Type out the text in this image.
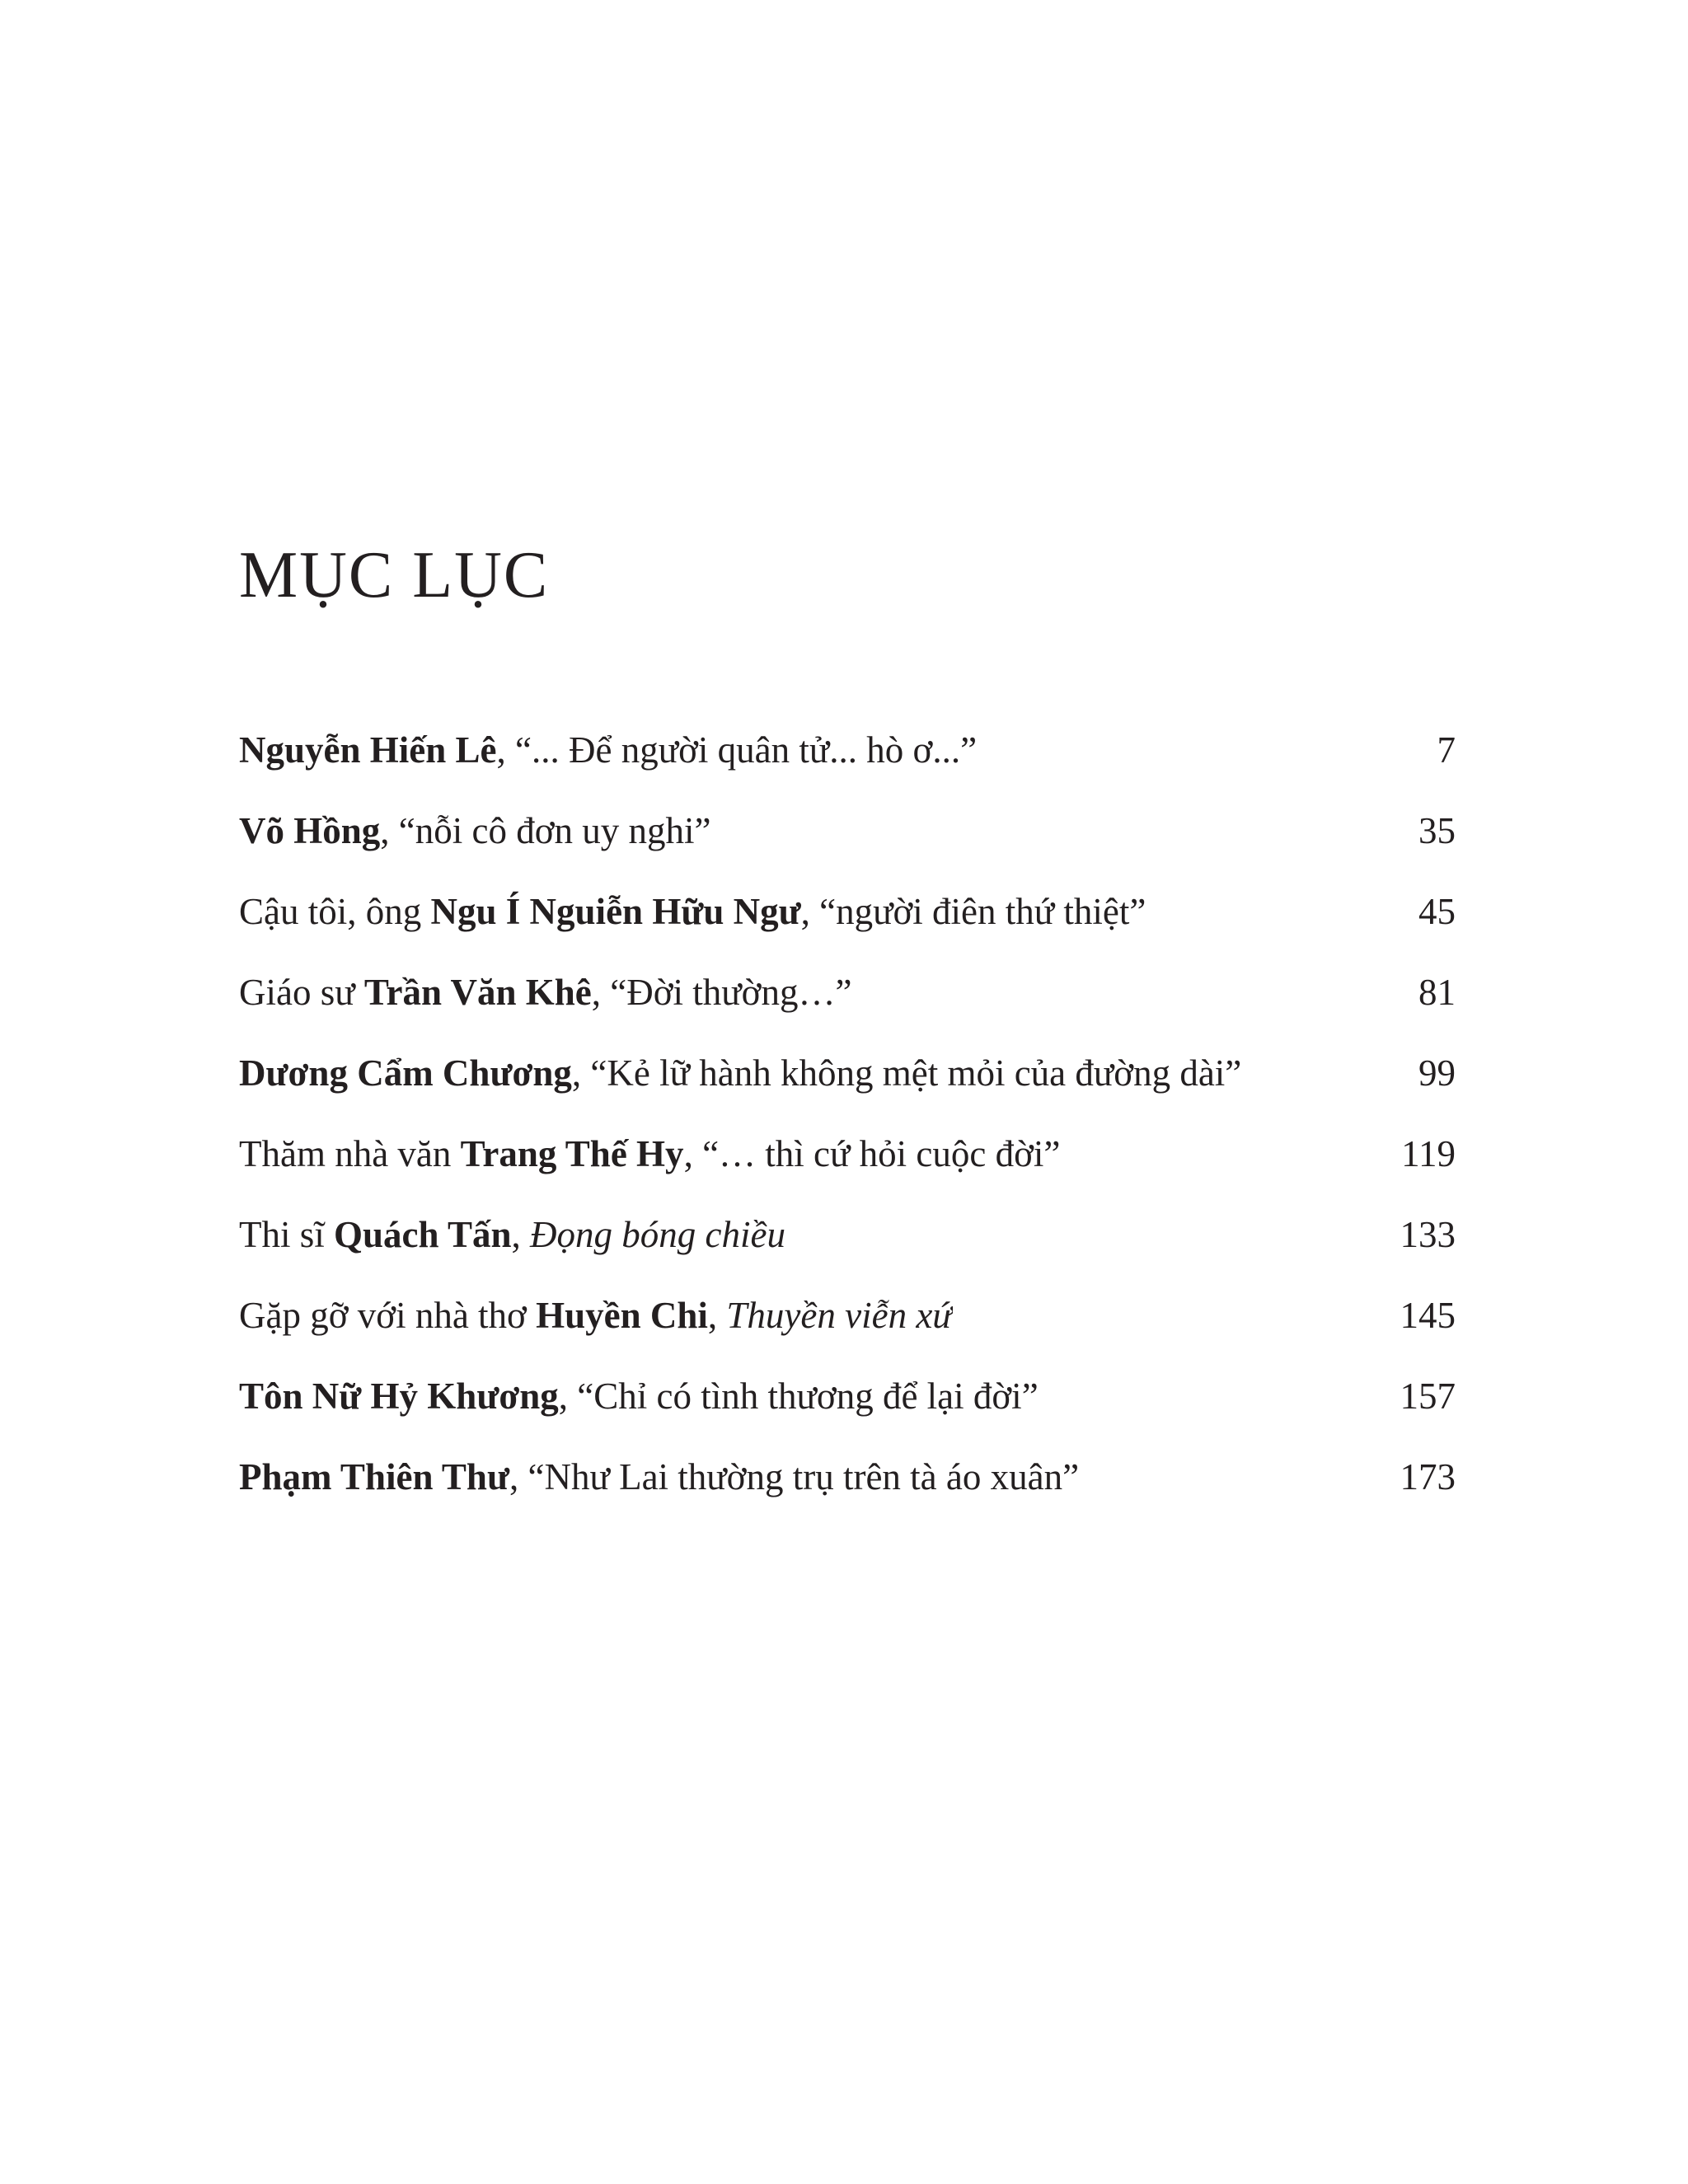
MỤC LỤC
Nguyễn Hiến Lê, “... Để người quân tử... hò ơ...”	7
Võ Hồng, “nỗi cô đơn uy nghi”	35
Cậu tôi, ông Ngu Í Nguiễn Hữu Ngư, “người điên thứ thiệt”	45
Giáo sư Trần Văn Khê, “Đời thường…”	81
Dương Cẩm Chương, “Kẻ lữ hành không mệt mỏi của đường dài”	99
Thăm nhà văn Trang Thế Hy, “… thì cứ hỏi cuộc đời”	119
Thi sĩ Quách Tấn, Đọng bóng chiều	133
Gặp gỡ với nhà thơ Huyền Chi, Thuyền viễn xứ	145
Tôn Nữ Hỷ Khương, “Chỉ có tình thương để lại đời”	157
Phạm Thiên Thư, “Như Lai thường trụ trên tà áo xuân”	173
